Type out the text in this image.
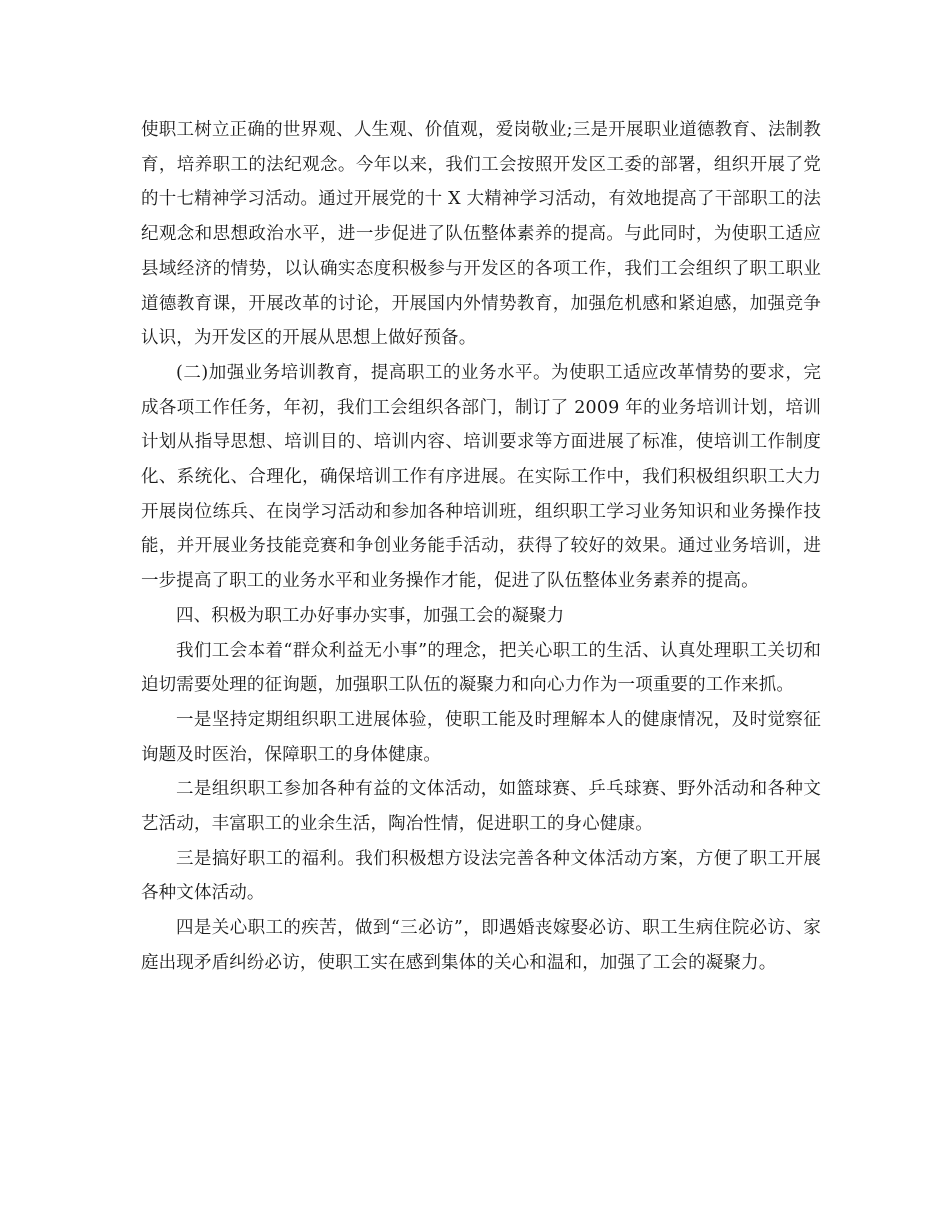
使职工树立正确的世界观、人生观、价值观，爱岗敬业;三是开展职业道德教育、法制教育，培养职工的法纪观念。今年以来，我们工会按照开发区工委的部署，组织开展了党的十七精神学习活动。通过开展党的十 X 大精神学习活动，有效地提高了干部职工的法纪观念和思想政治水平，进一步促进了队伍整体素养的提高。与此同时，为使职工适应县域经济的情势，以认确实态度积极参与开发区的各项工作，我们工会组织了职工职业道德教育课，开展改革的讨论，开展国内外情势教育，加强危机感和紧迫感，加强竞争认识，为开发区的开展从思想上做好预备。

(二)加强业务培训教育，提高职工的业务水平。为使职工适应改革情势的要求，完成各项工作任务，年初，我们工会组织各部门，制订了 2009 年的业务培训计划，培训计划从指导思想、培训目的、培训内容、培训要求等方面进展了标准，使培训工作制度化、系统化、合理化，确保培训工作有序进展。在实际工作中，我们积极组织职工大力开展岗位练兵、在岗学习活动和参加各种培训班，组织职工学习业务知识和业务操作技能，并开展业务技能竞赛和争创业务能手活动，获得了较好的效果。通过业务培训，进一步提高了职工的业务水平和业务操作才能，促进了队伍整体业务素养的提高。

四、积极为职工办好事办实事，加强工会的凝聚力

我们工会本着“群众利益无小事”的理念，把关心职工的生活、认真处理职工关切和迫切需要处理的征询题，加强职工队伍的凝聚力和向心力作为一项重要的工作来抓。

一是坚持定期组织职工进展体验，使职工能及时理解本人的健康情况，及时觉察征询题及时医治，保障职工的身体健康。

二是组织职工参加各种有益的文体活动，如篮球赛、乒乓球赛、野外活动和各种文艺活动，丰富职工的业余生活，陶冶性情，促进职工的身心健康。

三是搞好职工的福利。我们积极想方设法完善各种文体活动方案，方便了职工开展各种文体活动。

四是关心职工的疾苦，做到“三必访”，即遇婚丧嫁娶必访、职工生病住院必访、家庭出现矛盾纠纷必访，使职工实在感到集体的关心和温和，加强了工会的凝聚力。
